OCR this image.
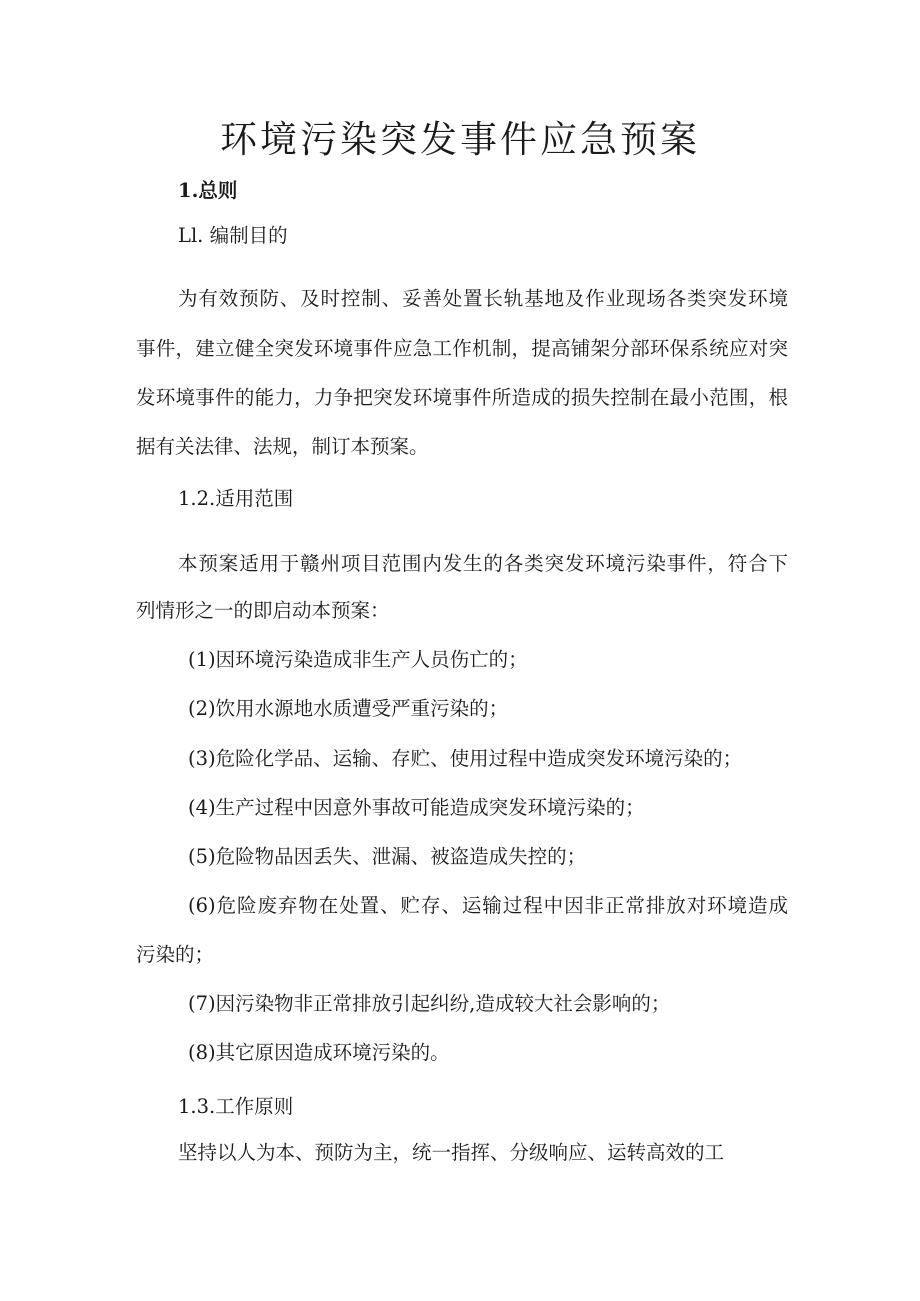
环境污染突发事件应急预案

1.总则

Ll. 编制目的

为有效预防、及时控制、妥善处置长轨基地及作业现场各类突发环境

事件，建立健全突发环境事件应急工作机制，提高铺架分部环保系统应对突

发环境事件的能力，力争把突发环境事件所造成的损失控制在最小范围，根

据有关法律、法规，制订本预案。

1.2.适用范围

本预案适用于赣州项目范围内发生的各类突发环境污染事件，符合下

列情形之一的即启动本预案：

(1)因环境污染造成非生产人员伤亡的；

(2)饮用水源地水质遭受严重污染的；

(3)危险化学品、运输、存贮、使用过程中造成突发环境污染的；

(4)生产过程中因意外事故可能造成突发环境污染的；

(5)危险物品因丢失、泄漏、被盗造成失控的；

(6)危险废弃物在处置、贮存、运输过程中因非正常排放对环境造成

污染的；

(7)因污染物非正常排放引起纠纷,造成较大社会影响的；

(8)其它原因造成环境污染的。

1.3.工作原则

坚持以人为本、预防为主，统一指挥、分级响应、运转高效的工
